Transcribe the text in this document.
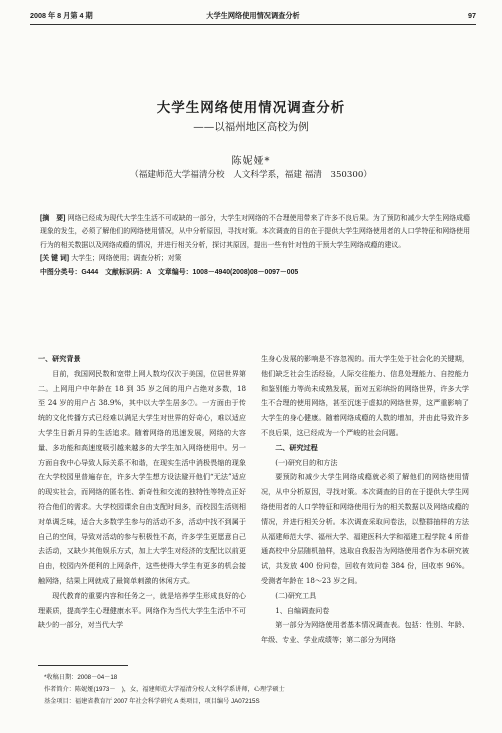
2008 年 8 月第 4 期	大学生网络使用情况调查分析	97
大学生网络使用情况调查分析
——以福州地区高校为例
陈妮娅*
（福建师范大学福清分校　人文科学系，福建 福清　350300）

[摘　要] 网络已经成为现代大学生生活不可或缺的一部分，大学生对网络的不合理使用带来了许多不良后果。为了预防和减少大学生网络成瘾现象的发生，必须了解他们的网络使用情况，从中分析原因，寻找对策。本次调查的目的在于提供大学生网络使用者的人口学特征和网络使用行为的相关数据以及网络成瘾的情况，并进行相关分析，探讨其原因，提出一些有针对性的干预大学生网络成瘾的建议。

[关 键 词] 大学生；网络使用；调查分析；对策

中图分类号：G444　文献标识码：A　文章编号：1008－4940(2008)08－0097－005

一、研究背景

目前，我国网民数和宽带上网人数均仅次于美国，位居世界第二。上网用户中年龄在 18 到 35 岁之间的用户占绝对多数，18 至 24 岁的用户占 38.9%，其中以大学生居多⑦。一方面由于传统的文化传播方式已经难以满足大学生对世界的好奇心，难以适应大学生日新月异的生活追求。随着网络的迅速发展，网络的大容量、多功能和高速度吸引越来越多的大学生加入网络使用中。另一方面自我中心导致人际关系不和谐，在现实生活中消极畏缩的现象在大学校园里普遍存在，许多大学生想方设法避开他们“无法”适应的现实社会，而网络的匿名性、新奇性和交流的独特性等特点正好符合他们的需求。大学校园课余自由支配时间多，而校园生活则相对单调乏味，适合大多数学生参与的活动不多，活动中找不到属于自己的空间，导致对活动的参与积极性不高，许多学生更愿意自己去活动，又缺少其他娱乐方式，加上大学生对经济的支配比以前更自由，校园内外便利的上网条件，这些使得大学生有更多的机会接触网络，结果上网就成了最简单刺激的休闲方式。

现代教育的重要内容和任务之一，就是培养学生形成良好的心理素质，提高学生心理健康水平。网络作为当代大学生生活中不可缺少的一部分，对当代大学

生身心发展的影响是不容忽视的。而大学生处于社会化的关键期，他们缺乏社会生活经验，人际交往能力、信息处理能力、自控能力和鉴别能力等尚未成熟发展，面对五彩缤纷的网络世界，许多大学生不合理的使用网络，甚至沉迷于虚拟的网络世界，这严重影响了大学生的身心健康。随着网络成瘾的人数的增加，并由此导致许多不良后果，这已经成为一个严峻的社会问题。

二、研究过程

(一)研究目的和方法

要预防和减少大学生网络成瘾就必须了解他们的网络使用情况，从中分析原因，寻找对策。本次调查的目的在于提供大学生网络使用者的人口学特征和网络使用行为的相关数据以及网络成瘾的情况，并进行相关分析。本次调查采取问卷法，以整群抽样的方法从福建师范大学、福州大学、福建医科大学和福建工程学院 4 所普通高校中分层随机抽样，选取自我报告为网络使用者作为本研究被试，共发放 400 份问卷，回收有效问卷 384 份，回收率 96%。受测者年龄在 18～23 岁之间。

(二)研究工具

1、自编调查问卷

第一部分为网络使用者基本情况调查表。包括：性别、年龄、年级、专业、学业成绩等；第二部分为网络

*收稿日期：2008－04－18

作者简介：陈妮娅(1973－　)，女，福建师范大学福清分校人文科学系讲师，心理学硕士

基金项目：福建省教育厅 2007 年社会科学研究 A 类项目，项目编号 JA07215S
